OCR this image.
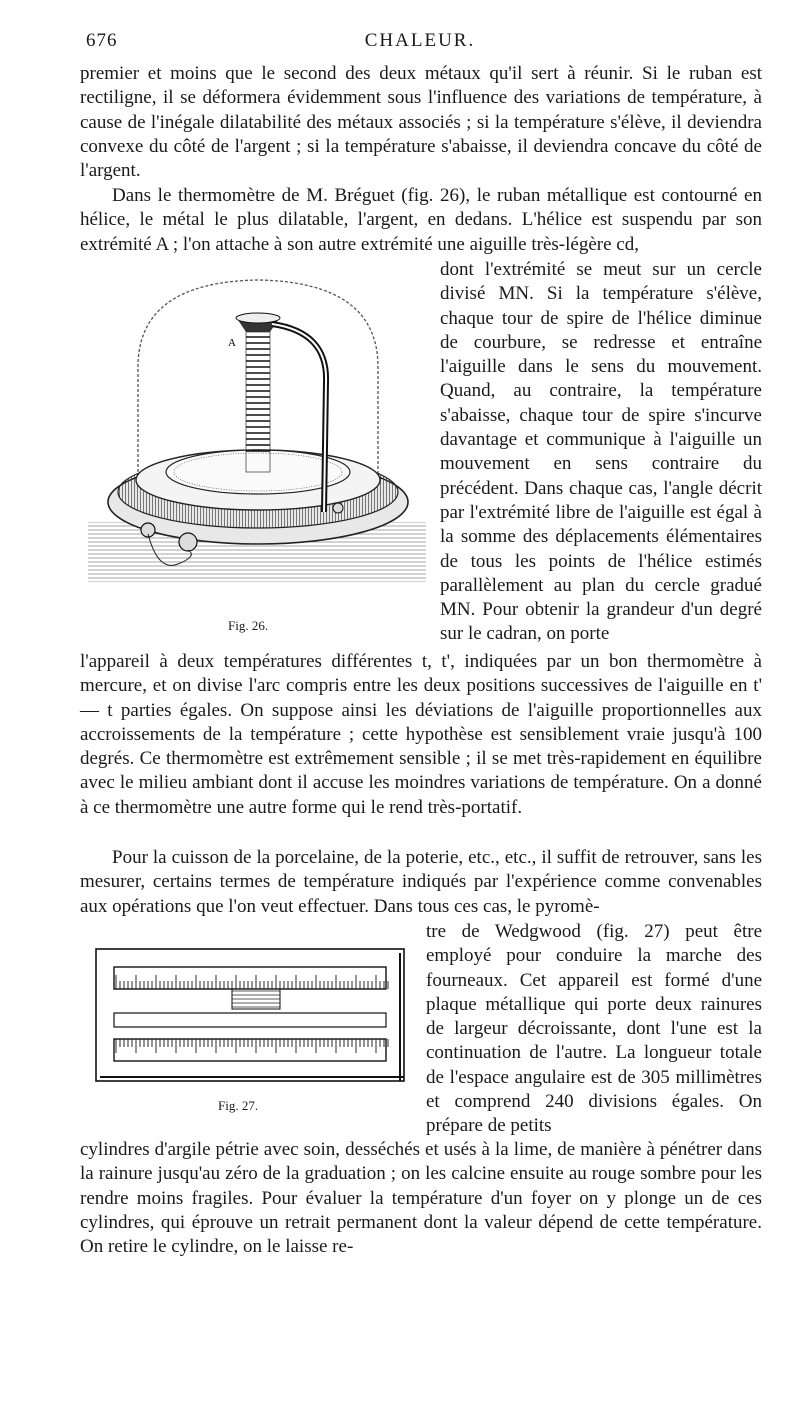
676	CHALEUR.

premier et moins que le second des deux métaux qu'il sert à réunir. Si le ruban est rectiligne, il se déformera évidemment sous l'influence des variations de température, à cause de l'inégale dilatabilité des métaux associés ; si la température s'élève, il deviendra convexe du côté de l'argent ; si la température s'abaisse, il deviendra concave du côté de l'argent.

Dans le thermomètre de M. Bréguet (fig. 26), le ruban métallique est contourné en hélice, le métal le plus dilatable, l'argent, en dedans. L'hélice est suspendu par son extrémité A ; l'on attache à son autre extrémité une aiguille très-légère cd,

dont l'extrémité se meut sur un cercle divisé MN. Si la température s'élève, chaque tour de spire de l'hélice diminue de courbure, se redresse et entraîne l'aiguille dans le sens du mouvement. Quand, au contraire, la température s'abaisse, chaque tour de spire s'incurve davantage et communique à l'aiguille un mouvement en sens contraire du précédent. Dans chaque cas, l'angle décrit par l'extrémité libre de l'aiguille est égal à la somme des déplacements élémentaires de tous les points de l'hélice estimés parallèlement au plan du cercle gradué MN. Pour obtenir la grandeur d'un degré sur le cadran, on porte

A
Fig. 26.

l'appareil à deux températures différentes t, t', indiquées par un bon thermomètre à mercure, et on divise l'arc compris entre les deux positions successives de l'aiguille en t' — t parties égales. On suppose ainsi les déviations de l'aiguille proportionnelles aux accroissements de la température ; cette hypothèse est sensiblement vraie jusqu'à 100 degrés. Ce thermomètre est extrêmement sensible ; il se met très-rapidement en équilibre avec le milieu ambiant dont il accuse les moindres variations de température. On a donné à ce thermomètre une autre forme qui le rend très-portatif.

Pour la cuisson de la porcelaine, de la poterie, etc., etc., il suffit de retrouver, sans les mesurer, certains termes de température indiqués par l'expérience comme convenables aux opérations que l'on veut effectuer. Dans tous ces cas, le pyromè-

tre de Wedgwood (fig. 27) peut être employé pour conduire la marche des fourneaux. Cet appareil est formé d'une plaque métallique qui porte deux rainures de largeur décroissante, dont l'une est la continuation de l'autre. La longueur totale de l'espace angulaire est de 305 millimètres et comprend 240 divisions égales. On prépare de petits

Fig. 27.

cylindres d'argile pétrie avec soin, desséchés et usés à la lime, de manière à pénétrer dans la rainure jusqu'au zéro de la graduation ; on les calcine ensuite au rouge sombre pour les rendre moins fragiles. Pour évaluer la température d'un foyer on y plonge un de ces cylindres, qui éprouve un retrait permanent dont la valeur dépend de cette température. On retire le cylindre, on le laisse re-
